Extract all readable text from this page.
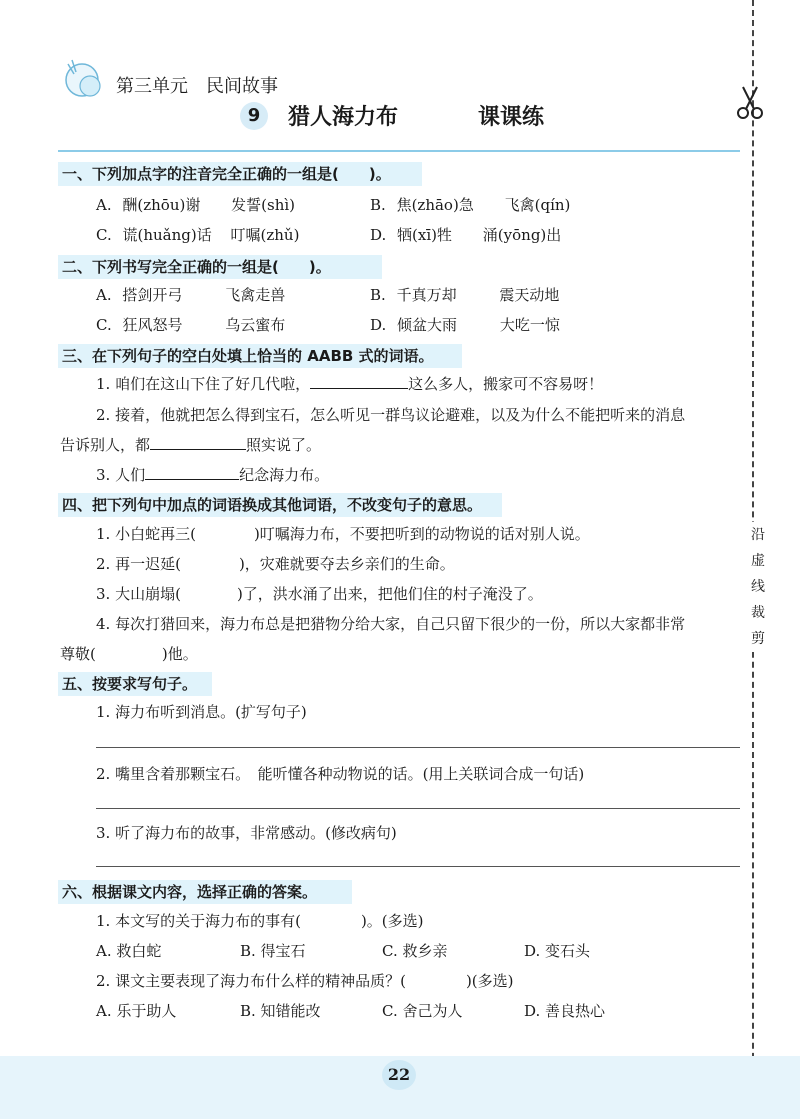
第三单元　民间故事
9	猎人海力布	课课练
一、下列加点字的注音完全正确的一组是(　　)。
A. 酬(zhōu)谢 发誓(shì)	B. 焦(zhāo)急 飞禽(qín)
C. 谎(huǎng)话 叮嘱(zhǔ)	D. 牺(xī)牲 涌(yōng)出
二、下列书写完全正确的一组是(　　)。
A. 搭剑开弓	飞禽走兽	B. 千真万却	震天动地
C. 狂风怒号	乌云蜜布	D. 倾盆大雨	大吃一惊
三、在下列句子的空白处填上恰当的 AABB 式的词语。
1. 咱们在这山下住了好几代啦，	这么多人，搬家可不容易呀！
2. 接着，他就把怎么得到宝石，怎么听见一群鸟议论避难，以及为什么不能把听来的消息
告诉别人，都	照实说了。
3. 人们	纪念海力布。
四、把下列句中加点的词语换成其他词语，不改变句子的意思。
1. 小白蛇再三(	)叮嘱海力布，不要把听到的动物说的话对别人说。
2. 再一迟延(	)，灾难就要夺去乡亲们的生命。
3. 大山崩塌(	)了，洪水涌了出来，把他们住的村子淹没了。
4. 每次打猎回来，海力布总是把猎物分给大家，自己只留下很少的一份，所以大家都非常
尊敬(	)他。
五、按要求写句子。
1. 海力布听到消息。(扩写句子)
2. 嘴里含着那颗宝石。　能听懂各种动物说的话。(用上关联词合成一句话)
3. 听了海力布的故事，非常感动。(修改病句)
六、根据课文内容，选择正确的答案。
1. 本文写的关于海力布的事有(	)。(多选)
A. 救白蛇	B. 得宝石	C. 救乡亲	D. 变石头
2. 课文主要表现了海力布什么样的精神品质？(	)(多选)
A. 乐于助人	B. 知错能改	C. 舍己为人	D. 善良热心
沿
虚
线
裁
剪
22
